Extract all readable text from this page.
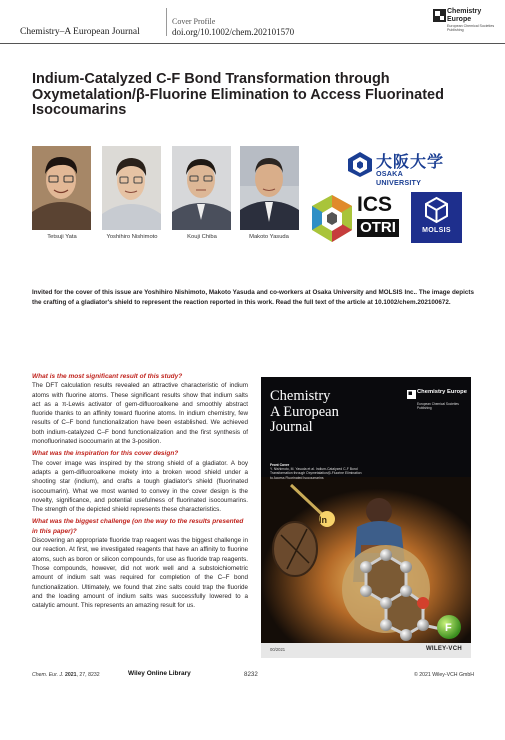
Chemistry–A European Journal
Cover Profile
doi.org/10.1002/chem.202101570
Chemistry Europe
European Chemical Societies Publishing
Indium-Catalyzed C-F Bond Transformation through Oxymetalation/β-Fluorine Elimination to Access Fluorinated Isocoumarins
Tetsuji Yata	Yoshihiro Nishimoto	Kouji Chiba	Makoto Yasuda
大阪大学
OSAKA UNIVERSITY
ICS
OTRI	MOLSIS

Invited for the cover of this issue are Yoshihiro Nishimoto, Makoto Yasuda and co-workers at Osaka University and MOLSIS Inc.. The image depicts the crafting of a gladiator's shield to represent the reaction reported in this work. Read the full text of the article at 10.1002/chem.202100672.

What is the most significant result of this study?
The DFT calculation results revealed an attractive characteristic of indium atoms with fluorine atoms. These significant results show that indium salts act as a π-Lewis activator of gem-difluoroalkene and smoothly abstract fluoride thanks to an affinity toward fluorine atoms. In indium chemistry, few results of C–F bond functionalization have been established. We achieved both indium-catalyzed C–F bond functionalization and the first synthesis of monofluorinated isocoumarin at the 3-position.
What was the inspiration for this cover design?
The cover image was inspired by the strong shield of a gladiator. A boy adapts a gem-difluoroalkene moiety into a broken wood shield under a shooting star (indium), and crafts a tough gladiator's shield (fluorinated isocoumarin). What we most wanted to convey in the cover design is the novelty, significance, and potential usefulness of fluorinated isocoumarins. The strength of the depicted shield represents these characteristics.
What was the biggest challenge (on the way to the results presented in this paper)?
Discovering an appropriate fluoride trap reagent was the biggest challenge in our reaction. At first, we investigated reagents that have an affinity to fluorine atoms, such as boron or silicon compounds, for use as fluoride trap reagents. Those compounds, however, did not work well and a substoichiometric amount of indium salt was required for completion of the C–F bond functionalization. Ultimately, we found that zinc salts could trap the fluoride and the loading amount of indium salts was successfully lowered to a catalytic amount. This represents an amazing result for us.
In
F
Chemistry
A European
Journal
Chemistry Europe
European Chemical Societies Publishing
Front Cover
Y. Nishimoto, M. Yasuda et al. Indium-Catalyzed C-F Bond Transformation through Oxymetalation/β-Fluorine Elimination to Access Fluorinated Isocoumarins
00/2021	WILEY-VCH
Chem. Eur. J. 2021, 27, 8232	Wiley Online Library	8232	© 2021 Wiley-VCH GmbH
